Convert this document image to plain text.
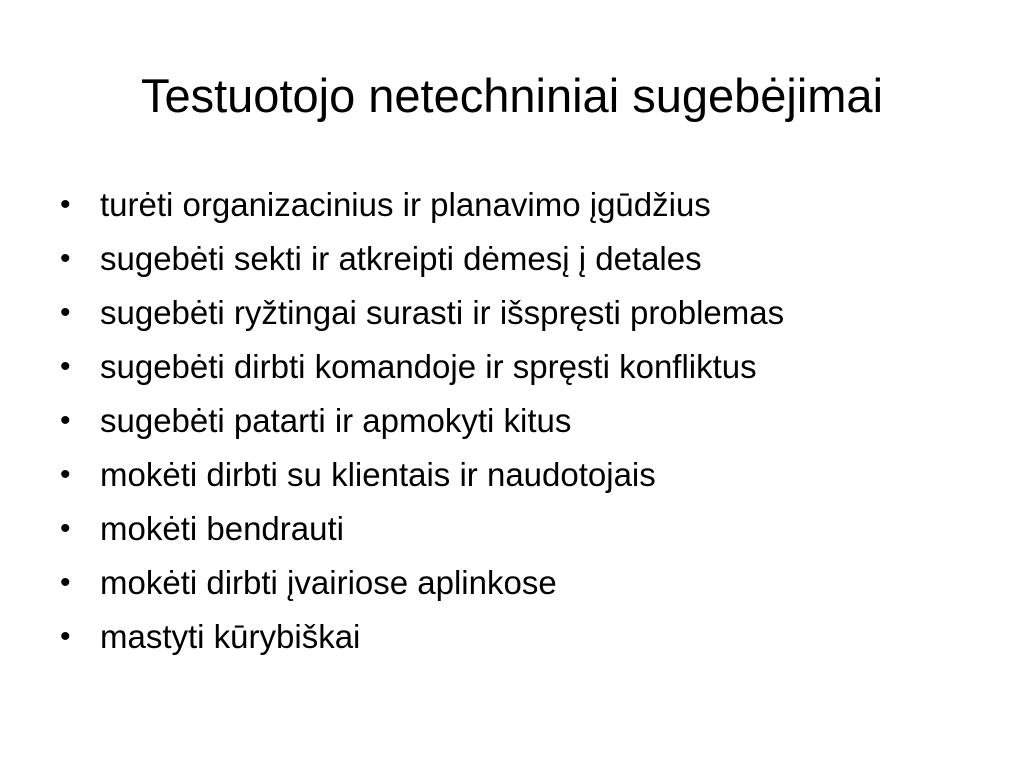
Testuotojo netechniniai sugebėjimai
• turėti organizacinius ir planavimo įgūdžius
• sugebėti sekti ir atkreipti dėmesį į detales
• sugebėti ryžtingai surasti ir išspręsti problemas
• sugebėti dirbti komandoje ir spręsti konfliktus
• sugebėti patarti ir apmokyti kitus
• mokėti dirbti su klientais ir naudotojais
• mokėti bendrauti
• mokėti dirbti įvairiose aplinkose
• mastyti kūrybiškai
